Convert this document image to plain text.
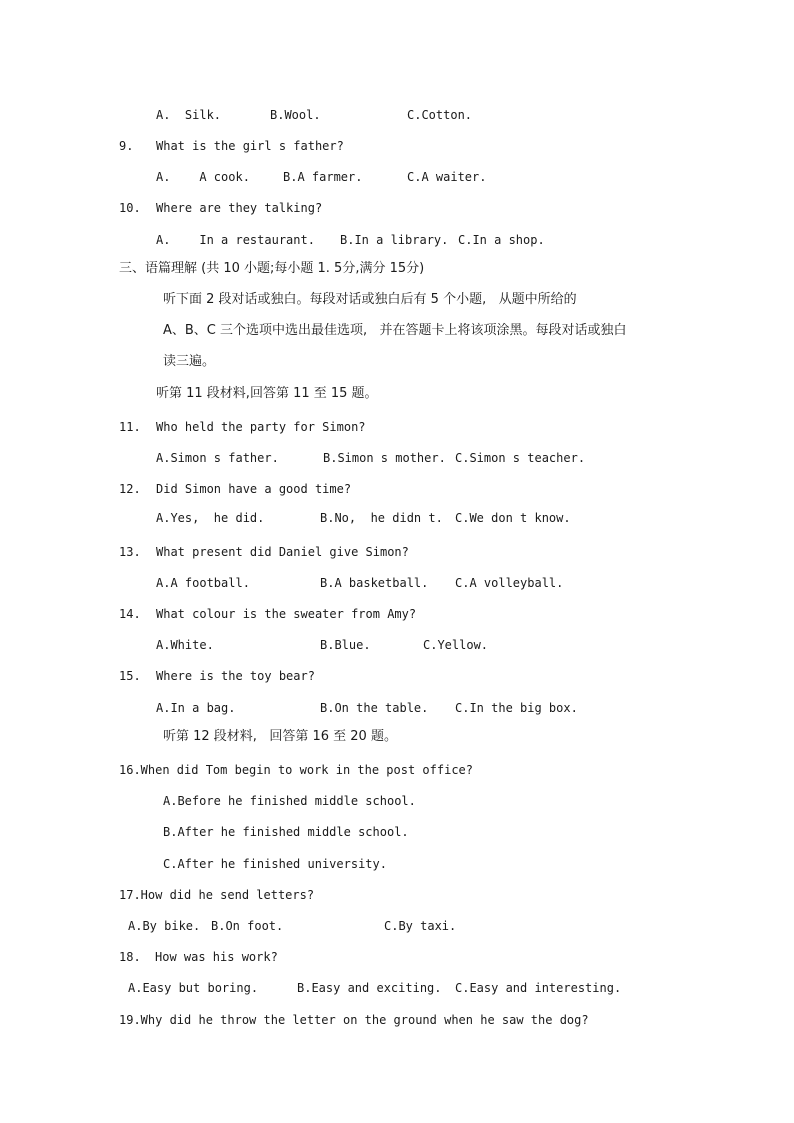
A.  Silk.	B.Wool.	C.Cotton.
9. What is the girl s father?
A.    A cook.	B.A farmer.	C.A waiter.
10. Where are they talking?
A.    In a restaurant. B.In a library. C.In a shop.
三、语篇理解 (共 10 小题;每小题 1. 5分,满分 15分)
听下面 2 段对话或独白。每段对话或独白后有 5 个小题,   从题中所给的
A、B、C 三个选项中选出最佳选项,   并在答题卡上将该项涂黑。每段对话或独白
读三遍。
听第 11 段材料,回答第 11 至 15 题。
11. Who held the party for Simon?
A.Simon s father.	B.Simon s mother. C.Simon s teacher.
12. Did Simon have a good time?
A.Yes,  he did.	B.No,  he didn t. C.We don t know.
13. What present did Daniel give Simon?
A.A football.	B.A basketball. C.A volleyball.
14. What colour is the sweater from Amy?
A.White.	B.Blue.	C.Yellow.
15. Where is the toy bear?
A.In a bag.	B.On the table. C.In the big box.
听第 12 段材料,   回答第 16 至 20 题。
16.When did Tom begin to work in the post office?
A.Before he finished middle school.
B.After he finished middle school.
C.After he finished university.
17.How did he send letters?
A.By bike. B.On foot.	C.By taxi.
18. How was his work?
A.Easy but boring.	B.Easy and exciting. C.Easy and interesting.
19.Why did he throw the letter on the ground when he saw the dog?
